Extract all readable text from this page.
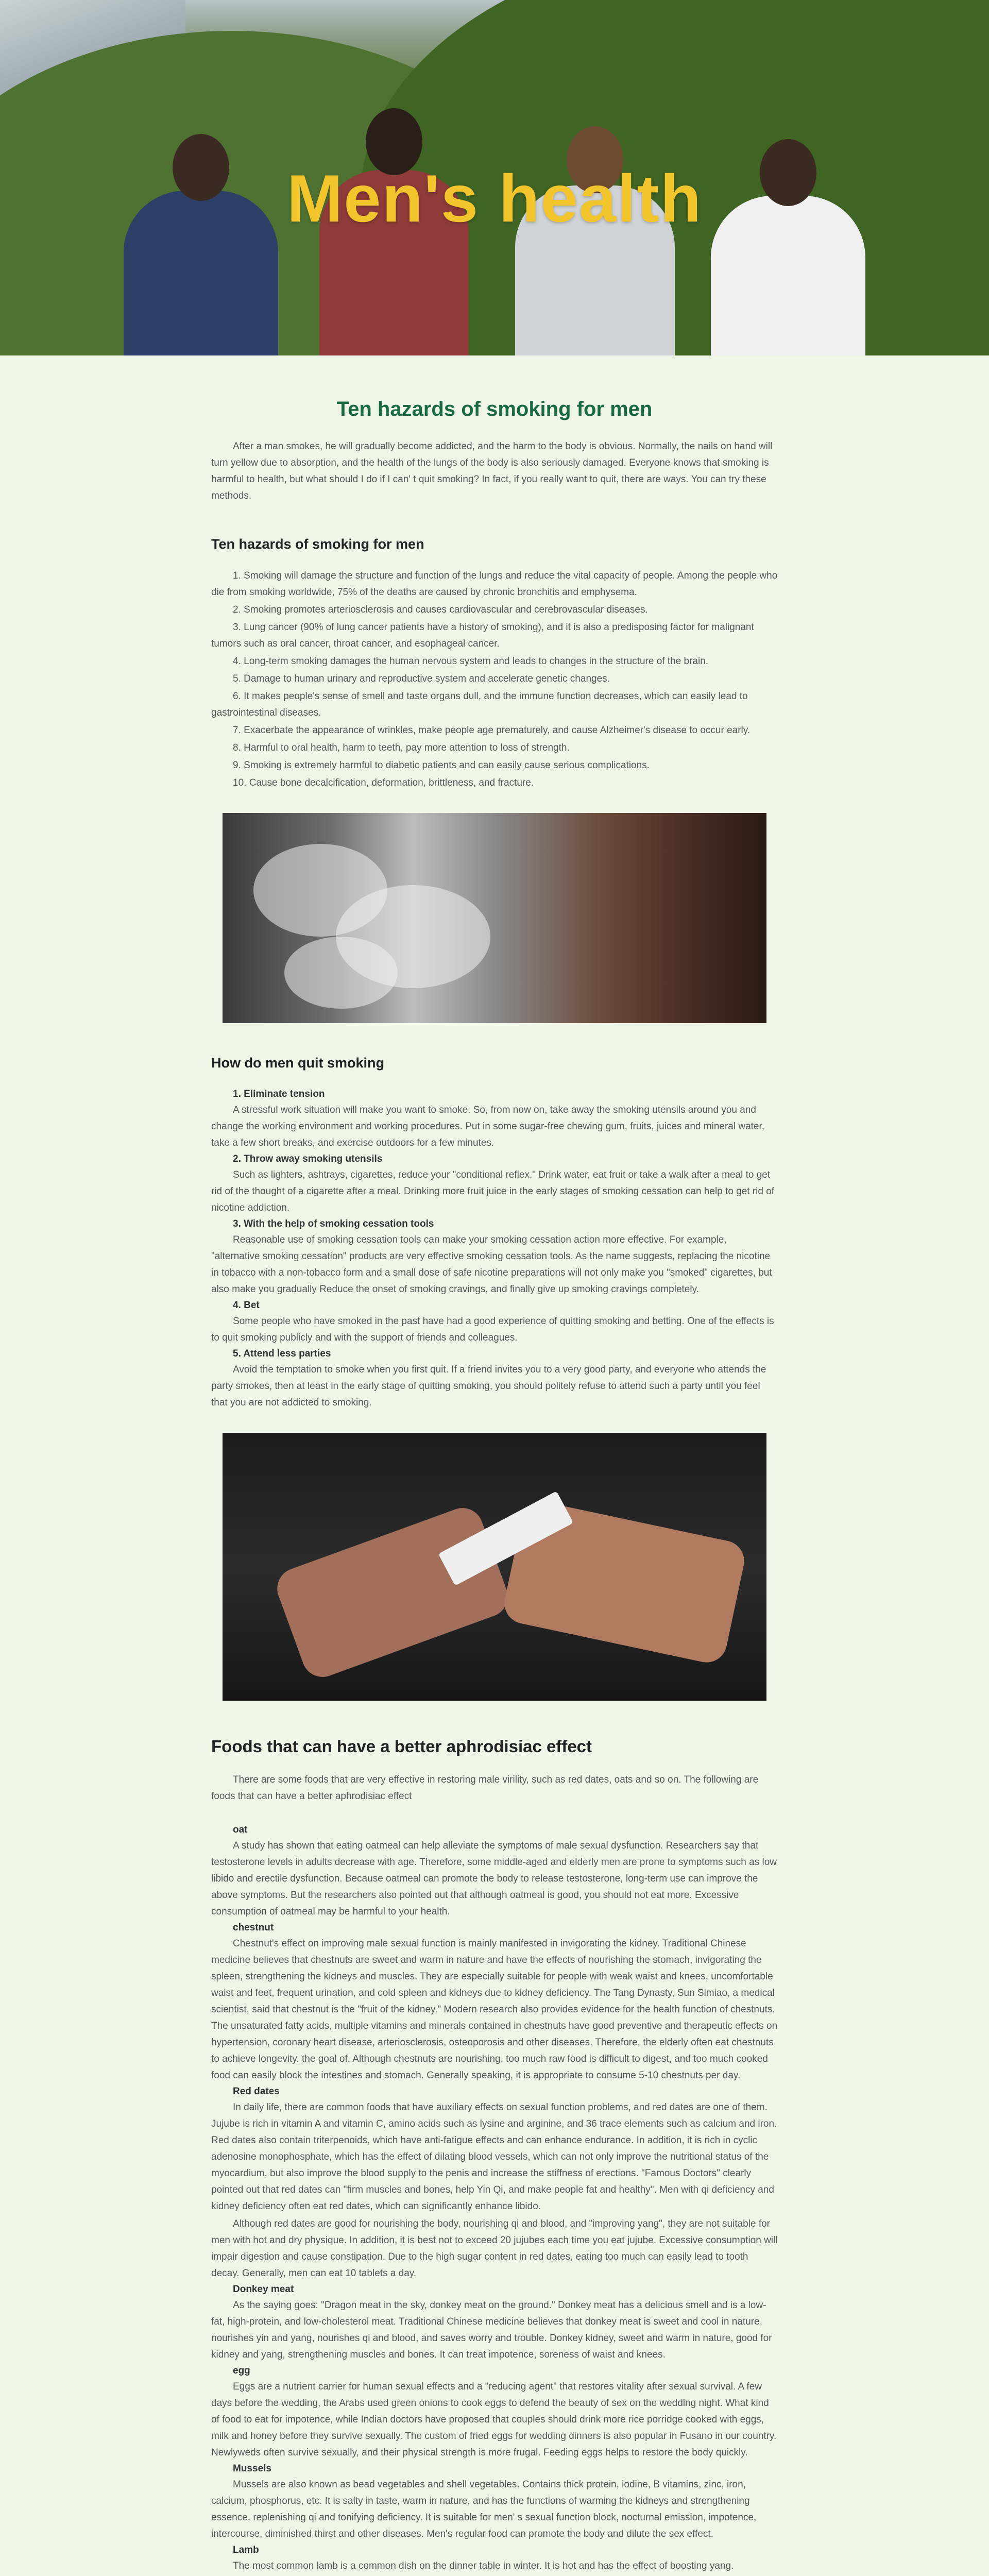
Men's health
Ten hazards of smoking for men

After a man smokes, he will gradually become addicted, and the harm to the body is obvious. Normally, the nails on hand will turn yellow due to absorption, and the health of the lungs of the body is also seriously damaged. Everyone knows that smoking is harmful to health, but what should I do if I can' t quit smoking? In fact, if you really want to quit, there are ways. You can try these methods.

Ten hazards of smoking for men

1. Smoking will damage the structure and function of the lungs and reduce the vital capacity of people. Among the people who die from smoking worldwide, 75% of the deaths are caused by chronic bronchitis and emphysema.

2. Smoking promotes arteriosclerosis and causes cardiovascular and cerebrovascular diseases.

3. Lung cancer (90% of lung cancer patients have a history of smoking), and it is also a predisposing factor for malignant tumors such as oral cancer, throat cancer, and esophageal cancer.

4. Long-term smoking damages the human nervous system and leads to changes in the structure of the brain.

5. Damage to human urinary and reproductive system and accelerate genetic changes.

6. It makes people's sense of smell and taste organs dull, and the immune function decreases, which can easily lead to gastrointestinal diseases.

7. Exacerbate the appearance of wrinkles, make people age prematurely, and cause Alzheimer's disease to occur early.

8. Harmful to oral health, harm to teeth, pay more attention to loss of strength.

9. Smoking is extremely harmful to diabetic patients and can easily cause serious complications.

10. Cause bone decalcification, deformation, brittleness, and fracture.

How do men quit smoking
1. Eliminate tension

A stressful work situation will make you want to smoke. So, from now on, take away the smoking utensils around you and change the working environment and working procedures. Put in some sugar-free chewing gum, fruits, juices and mineral water, take a few short breaks, and exercise outdoors for a few minutes.

2. Throw away smoking utensils

Such as lighters, ashtrays, cigarettes, reduce your "conditional reflex." Drink water, eat fruit or take a walk after a meal to get rid of the thought of a cigarette after a meal. Drinking more fruit juice in the early stages of smoking cessation can help to get rid of nicotine addiction.

3. With the help of smoking cessation tools

Reasonable use of smoking cessation tools can make your smoking cessation action more effective. For example, "alternative smoking cessation" products are very effective smoking cessation tools. As the name suggests, replacing the nicotine in tobacco with a non-tobacco form and a small dose of safe nicotine preparations will not only make you "smoked" cigarettes, but also make you gradually Reduce the onset of smoking cravings, and finally give up smoking cravings completely.

4. Bet

Some people who have smoked in the past have had a good experience of quitting smoking and betting. One of the effects is to quit smoking publicly and with the support of friends and colleagues.

5. Attend less parties

Avoid the temptation to smoke when you first quit. If a friend invites you to a very good party, and everyone who attends the party smokes, then at least in the early stage of quitting smoking, you should politely refuse to attend such a party until you feel that you are not addicted to smoking.

Foods that can have a better aphrodisiac effect

There are some foods that are very effective in restoring male virility, such as red dates, oats and so on. The following are foods that can have a better aphrodisiac effect

oat

A study has shown that eating oatmeal can help alleviate the symptoms of male sexual dysfunction. Researchers say that testosterone levels in adults decrease with age. Therefore, some middle-aged and elderly men are prone to symptoms such as low libido and erectile dysfunction. Because oatmeal can promote the body to release testosterone, long-term use can improve the above symptoms. But the researchers also pointed out that although oatmeal is good, you should not eat more. Excessive consumption of oatmeal may be harmful to your health.

chestnut

Chestnut's effect on improving male sexual function is mainly manifested in invigorating the kidney. Traditional Chinese medicine believes that chestnuts are sweet and warm in nature and have the effects of nourishing the stomach, invigorating the spleen, strengthening the kidneys and muscles. They are especially suitable for people with weak waist and knees, uncomfortable waist and feet, frequent urination, and cold spleen and kidneys due to kidney deficiency. The Tang Dynasty, Sun Simiao, a medical scientist, said that chestnut is the "fruit of the kidney." Modern research also provides evidence for the health function of chestnuts. The unsaturated fatty acids, multiple vitamins and minerals contained in chestnuts have good preventive and therapeutic effects on hypertension, coronary heart disease, arteriosclerosis, osteoporosis and other diseases. Therefore, the elderly often eat chestnuts to achieve longevity. the goal of. Although chestnuts are nourishing, too much raw food is difficult to digest, and too much cooked food can easily block the intestines and stomach. Generally speaking, it is appropriate to consume 5-10 chestnuts per day.

Red dates

In daily life, there are common foods that have auxiliary effects on sexual function problems, and red dates are one of them. Jujube is rich in vitamin A and vitamin C, amino acids such as lysine and arginine, and 36 trace elements such as calcium and iron. Red dates also contain triterpenoids, which have anti-fatigue effects and can enhance endurance. In addition, it is rich in cyclic adenosine monophosphate, which has the effect of dilating blood vessels, which can not only improve the nutritional status of the myocardium, but also improve the blood supply to the penis and increase the stiffness of erections. "Famous Doctors" clearly pointed out that red dates can "firm muscles and bones, help Yin Qi, and make people fat and healthy". Men with qi deficiency and kidney deficiency often eat red dates, which can significantly enhance libido.

Although red dates are good for nourishing the body, nourishing qi and blood, and "improving yang", they are not suitable for men with hot and dry physique. In addition, it is best not to exceed 20 jujubes each time you eat jujube. Excessive consumption will impair digestion and cause constipation. Due to the high sugar content in red dates, eating too much can easily lead to tooth decay. Generally, men can eat 10 tablets a day.

Donkey meat

As the saying goes: "Dragon meat in the sky, donkey meat on the ground." Donkey meat has a delicious smell and is a low-fat, high-protein, and low-cholesterol meat. Traditional Chinese medicine believes that donkey meat is sweet and cool in nature, nourishes yin and yang, nourishes qi and blood, and saves worry and trouble. Donkey kidney, sweet and warm in nature, good for kidney and yang, strengthening muscles and bones. It can treat impotence, soreness of waist and knees.

egg

Eggs are a nutrient carrier for human sexual effects and a "reducing agent" that restores vitality after sexual survival. A few days before the wedding, the Arabs used green onions to cook eggs to defend the beauty of sex on the wedding night. What kind of food to eat for impotence, while Indian doctors have proposed that couples should drink more rice porridge cooked with eggs, milk and honey before they survive sexually. The custom of fried eggs for wedding dinners is also popular in Fusano in our country. Newlyweds often survive sexually, and their physical strength is more frugal. Feeding eggs helps to restore the body quickly.

Mussels

Mussels are also known as bead vegetables and shell vegetables. Contains thick protein, iodine, B vitamins, zinc, iron, calcium, phosphorus, etc. It is salty in taste, warm in nature, and has the functions of warming the kidneys and strengthening essence, replenishing qi and tonifying deficiency. It is suitable for men' s sexual function block, nocturnal emission, impotence, intercourse, diminished thirst and other diseases. Men's regular food can promote the body and dilute the sex effect.

Lamb

The most common lamb is a common dish on the dinner table in winter. It is hot and has the effect of boosting yang.
